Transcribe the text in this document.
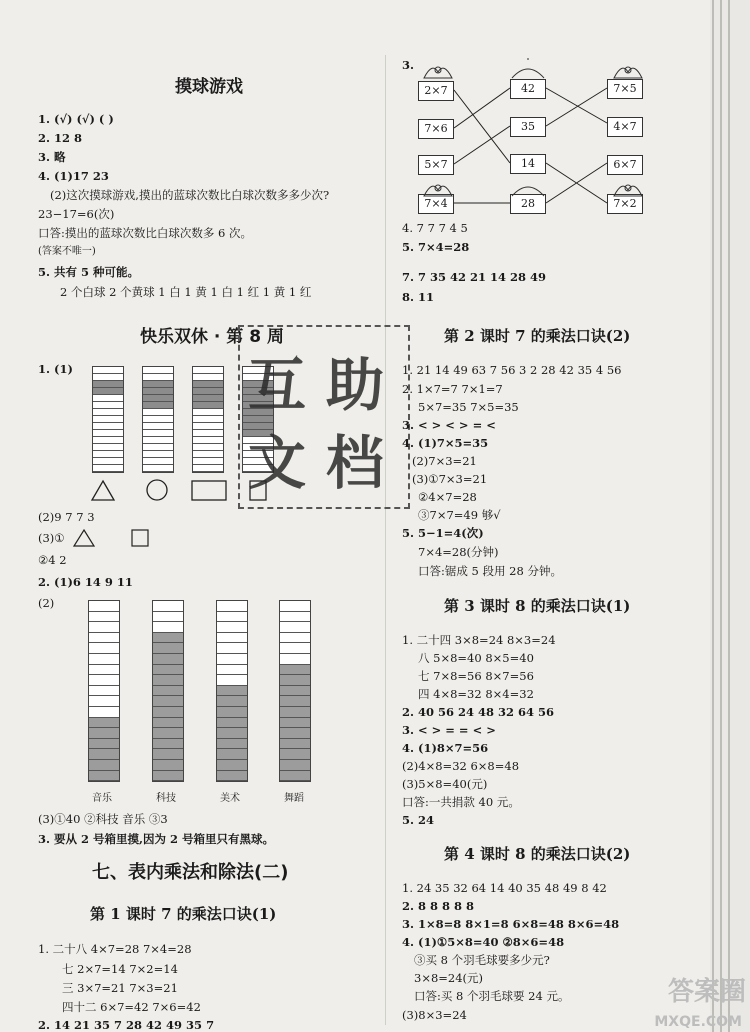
摸球游戏
1. (√) (√) ( )
2. 12 8
3. 略
4. (1)17 23
(2)这次摸球游戏,摸出的蓝球次数比白球次数多多少次?
23−17=6(次)
口答:摸出的蓝球次数比白球次数多 6 次。
(答案不唯一)
5. 共有 5 种可能。
2 个白球 2 个黄球 1 白 1 黄 1 白 1 红 1 黄 1 红
快乐双休 · 第 8 周
1. (1)
(2)9 7 7 3
(3)①
②4 2
2. (1)6 14 9 11
(2)
音乐	科技	美术	舞蹈
(3)①40 ②科技 音乐 ③3
3. 要从 2 号箱里摸,因为 2 号箱里只有黑球。
七、表内乘法和除法(二)
第 1 课时 7 的乘法口诀(1)
1. 二十八 4×7=28 7×4=28
七 2×7=14 7×2=14
三 3×7=21 7×3=21
四十二 6×7=42 7×6=42
2. 14 21 35 7 28 42 49 35 7
互 助
文 档
3.
2×7
7×6
5×7
7×4
42
35
14
28
7×5
4×7
6×7
7×2
4. 7 7 7 4 5
5. 7×4=28
7. 7 35 42 21 14 28 49
8. 11
第 2 课时 7 的乘法口诀(2)
1. 21 14 49 63 7 56 3 2 28 42 35 4 56
2. 1×7=7 7×1=7
5×7=35 7×5=35
3. < > < > = <
4. (1)7×5=35
(2)7×3=21
(3)①7×3=21
②4×7=28
③7×7=49 够√
5. 5−1=4(次)
7×4=28(分钟)
口答:锯成 5 段用 28 分钟。
第 3 课时 8 的乘法口诀(1)
1. 二十四 3×8=24 8×3=24
八 5×8=40 8×5=40
七 7×8=56 8×7=56
四 4×8=32 8×4=32
2. 40 56 24 48 32 64 56
3. < > = = < >
4. (1)8×7=56
(2)4×8=32 6×8=48
(3)5×8=40(元)
口答:一共捐款 40 元。
5. 24
第 4 课时 8 的乘法口诀(2)
1. 24 35 32 64 14 40 35 48 49 8 42
2. 8 8 8 8 8
3. 1×8=8 8×1=8 6×8=48 8×6=48
4. (1)①5×8=40 ②8×6=48
③买 8 个羽毛球要多少元?
3×8=24(元)
口答:买 8 个羽毛球要 24 元。
(3)8×3=24
答案圈
MXQE.COM
